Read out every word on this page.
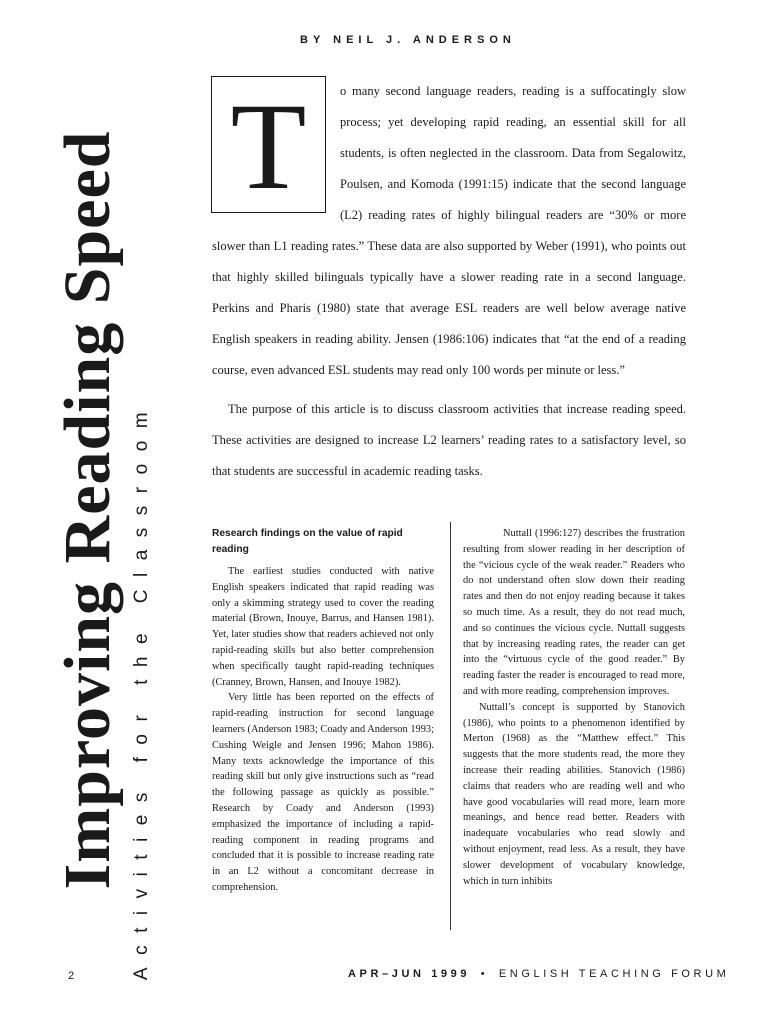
BY NEIL J. ANDERSON
Improving Reading Speed Activities for the Classroom
T	o many second language readers, reading is a suffocatingly slow process; yet developing rapid reading, an essential skill for all students, is often neglected in the classroom. Data from Segalowitz, Poulsen, and Komoda (1991:15) indicate that the second language (L2) reading rates of highly bilingual readers are “30% or more slower than L1 reading rates.” These data are also supported by Weber (1991), who points out that highly skilled bilinguals typically have a slower reading rate in a second language. Perkins and Pharis (1980) state that average ESL readers are well below average native English speakers in reading ability. Jensen (1986:106) indicates that “at the end of a reading course, even advanced ESL students may read only 100 words per minute or less.”

The purpose of this article is to discuss classroom activities that increase reading speed. These activities are designed to increase L2 learners’ reading rates to a satisfactory level, so that students are successful in academic reading tasks.

Research findings on the value of rapid reading

The earliest studies conducted with native English speakers indicated that rapid reading was only a skimming strategy used to cover the reading material (Brown, Inouye, Barrus, and Hansen 1981). Yet, later studies show that readers achieved not only rapid-reading skills but also better comprehension when specifically taught rapid-reading techniques (Cranney, Brown, Hansen, and Inouye 1982).

Very little has been reported on the effects of rapid-reading instruction for second language learners (Anderson 1983; Coady and Anderson 1993; Cushing Weigle and Jensen 1996; Mahon 1986). Many texts acknowledge the importance of this reading skill but only give instructions such as “read the following passage as quickly as possible.” Research by Coady and Anderson (1993) emphasized the importance of including a rapid-reading component in reading programs and concluded that it is possible to increase reading rate in an L2 without a concomitant decrease in comprehension.

Nuttall (1996:127) describes the frustration resulting from slower reading in her description of the “vicious cycle of the weak reader.” Readers who do not understand often slow down their reading rates and then do not enjoy reading because it takes so much time. As a result, they do not read much, and so continues the vicious cycle. Nuttall suggests that by increasing reading rates, the reader can get into the “virtuous cycle of the good reader.” By reading faster the reader is encouraged to read more, and with more reading, comprehension improves.

Nuttall’s concept is supported by Stanovich (1986), who points to a phenomenon identified by Merton (1968) as the “Matthew effect.” This suggests that the more students read, the more they increase their reading abilities. Stanovich (1986) claims that readers who are reading well and who have good vocabularies will read more, learn more meanings, and hence read better. Readers with inadequate vocabularies who read slowly and without enjoyment, read less. As a result, they have slower development of vocabulary knowledge, which in turn inhibits

2	APR–JUN 1999 • ENGLISH TEACHING FORUM
